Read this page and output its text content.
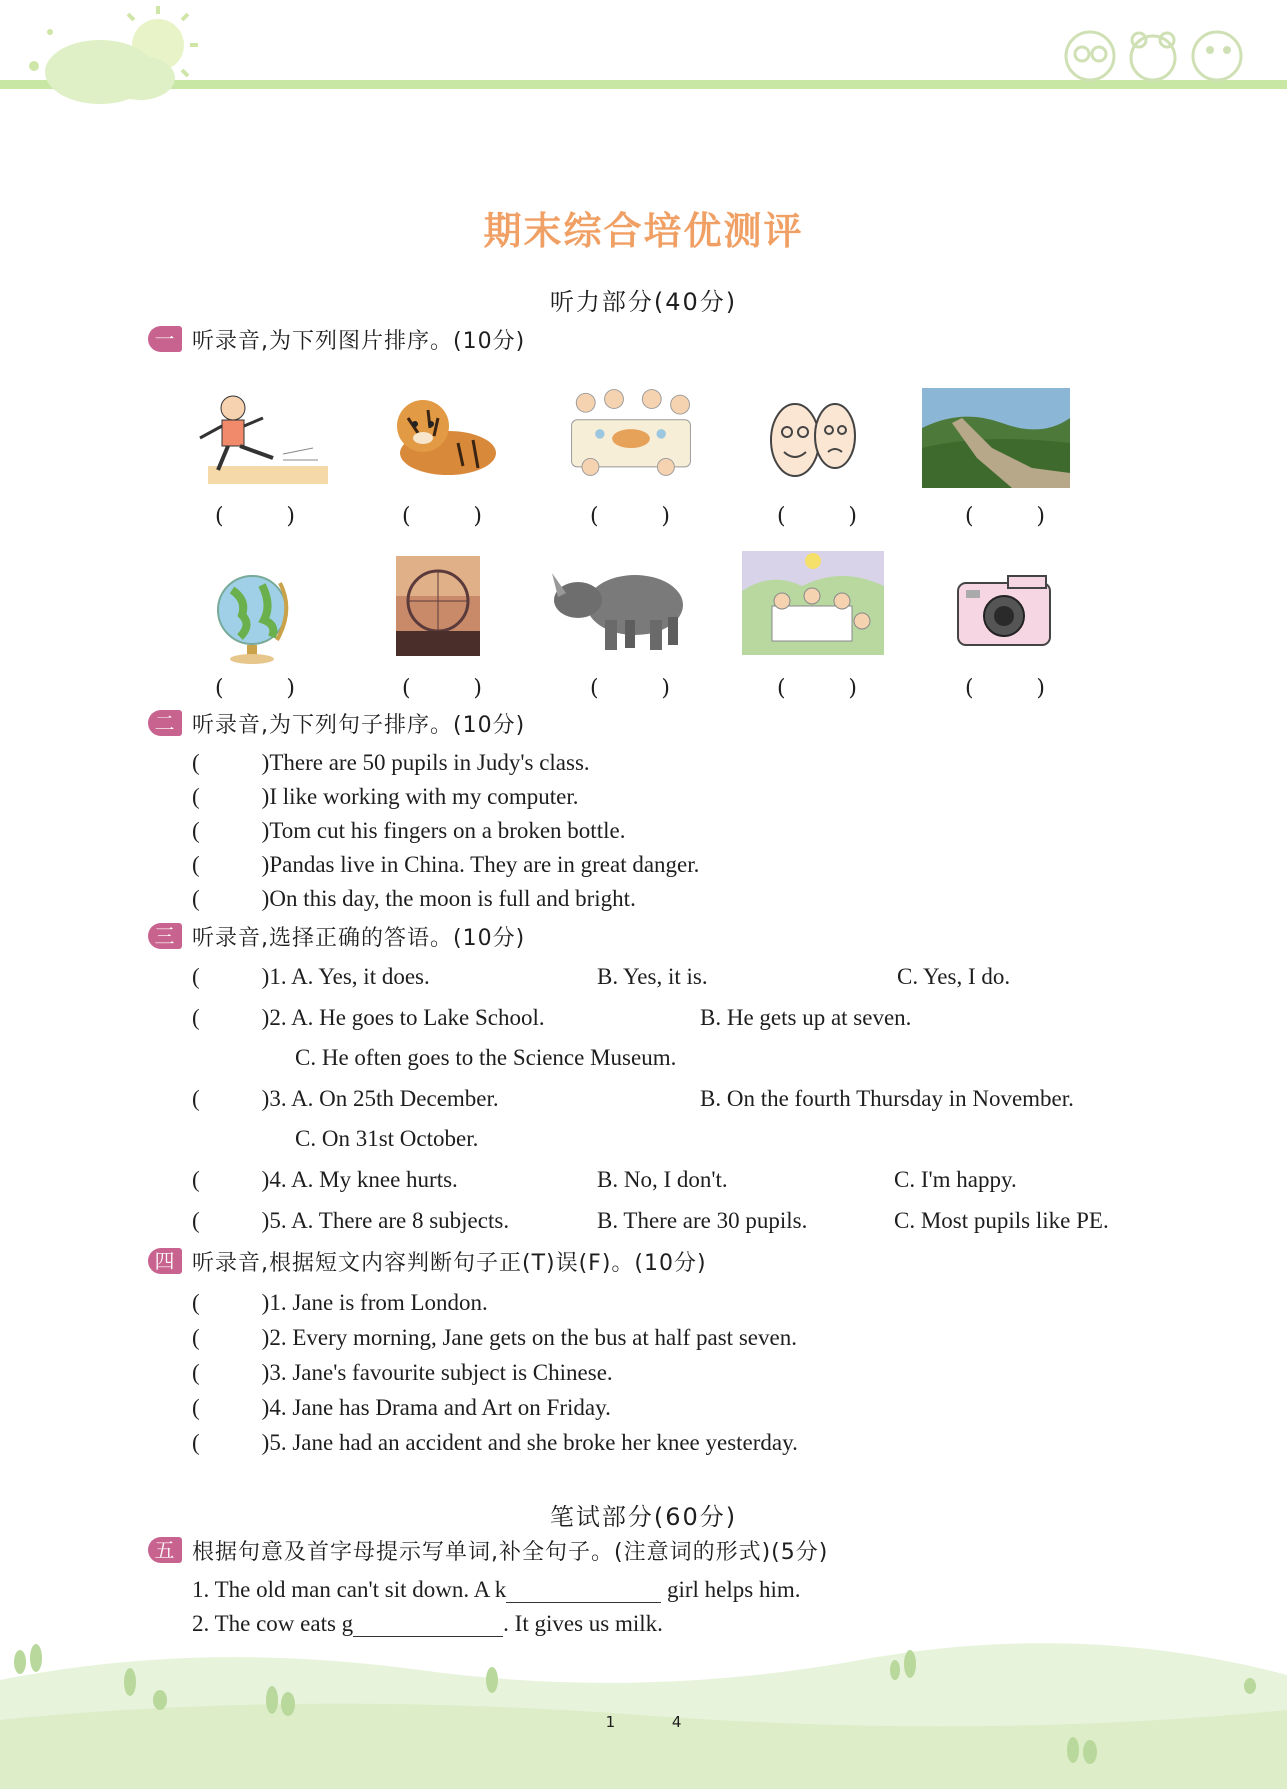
期末综合培优测评
听力部分(40分)
一 听录音,为下列图片排序。(10分)
(	)	(	)	(	)	(	)	(	)
(	)	(	)	(	)	(	)	(	)
二 听录音,为下列句子排序。(10分)
(	)There are 50 pupils in Judy's class.
(	)I like working with my computer.
(	)Tom cut his fingers on a broken bottle.
(	)Pandas live in China. They are in great danger.
(	)On this day, the moon is full and bright.
三 听录音,选择正确的答语。(10分)
(	)1. A. Yes, it does.	B. Yes, it is.	C. Yes, I do.
(	)2. A. He goes to Lake School.	B. He gets up at seven.
C. He often goes to the Science Museum.
(	)3. A. On 25th December.	B. On the fourth Thursday in November.
C. On 31st October.
(	)4. A. My knee hurts.	B. No, I don't.	C. I'm happy.
(	)5. A. There are 8 subjects.	B. There are 30 pupils.	C. Most pupils like PE.
四 听录音,根据短文内容判断句子正(T)误(F)。(10分)
(	)1. Jane is from London.
(	)2. Every morning, Jane gets on the bus at half past seven.
(	)3. Jane's favourite subject is Chinese.
(	)4. Jane has Drama and Art on Friday.
(	)5. Jane had an accident and she broke her knee yesterday.
笔试部分(60分)
五 根据句意及首字母提示写单词,补全句子。(注意词的形式)(5分)
1. The old man can't sit down. A k	girl helps him.
2. The cow eats g	. It gives us milk.
1 4
